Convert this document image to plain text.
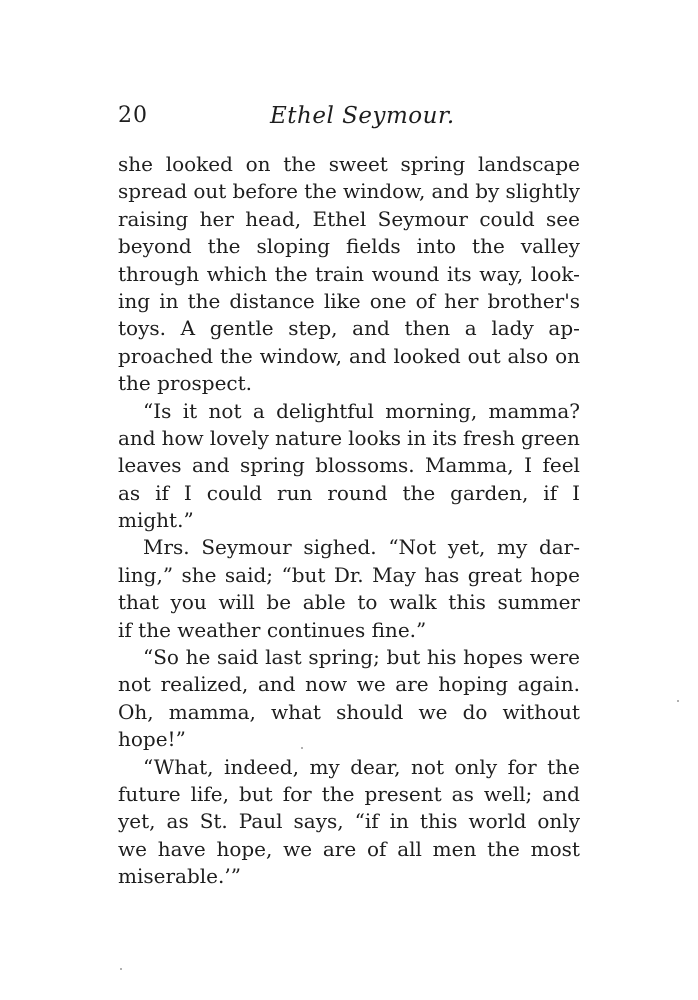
20	Ethel Seymour.
she looked on the sweet spring landscape
spread out before the window, and by slightly
raising her head, Ethel Seymour could see
beyond the sloping fields into the valley
through which the train wound its way, look-
ing in the distance like one of her brother's
toys. A gentle step, and then a lady ap-
proached the window, and looked out also on
the prospect.
“Is it not a delightful morning, mamma?
and how lovely nature looks in its fresh green
leaves and spring blossoms. Mamma, I feel
as if I could run round the garden, if I
might.”
Mrs. Seymour sighed. “Not yet, my dar-
ling,” she said; “but Dr. May has great hope
that you will be able to walk this summer
if the weather continues fine.”
“So he said last spring; but his hopes were
not realized, and now we are hoping again.
Oh, mamma, what should we do without
hope!”
“What, indeed, my dear, not only for the
future life, but for the present as well; and
yet, as St. Paul says, “if in this world only
we have hope, we are of all men the most
miserable.’”
